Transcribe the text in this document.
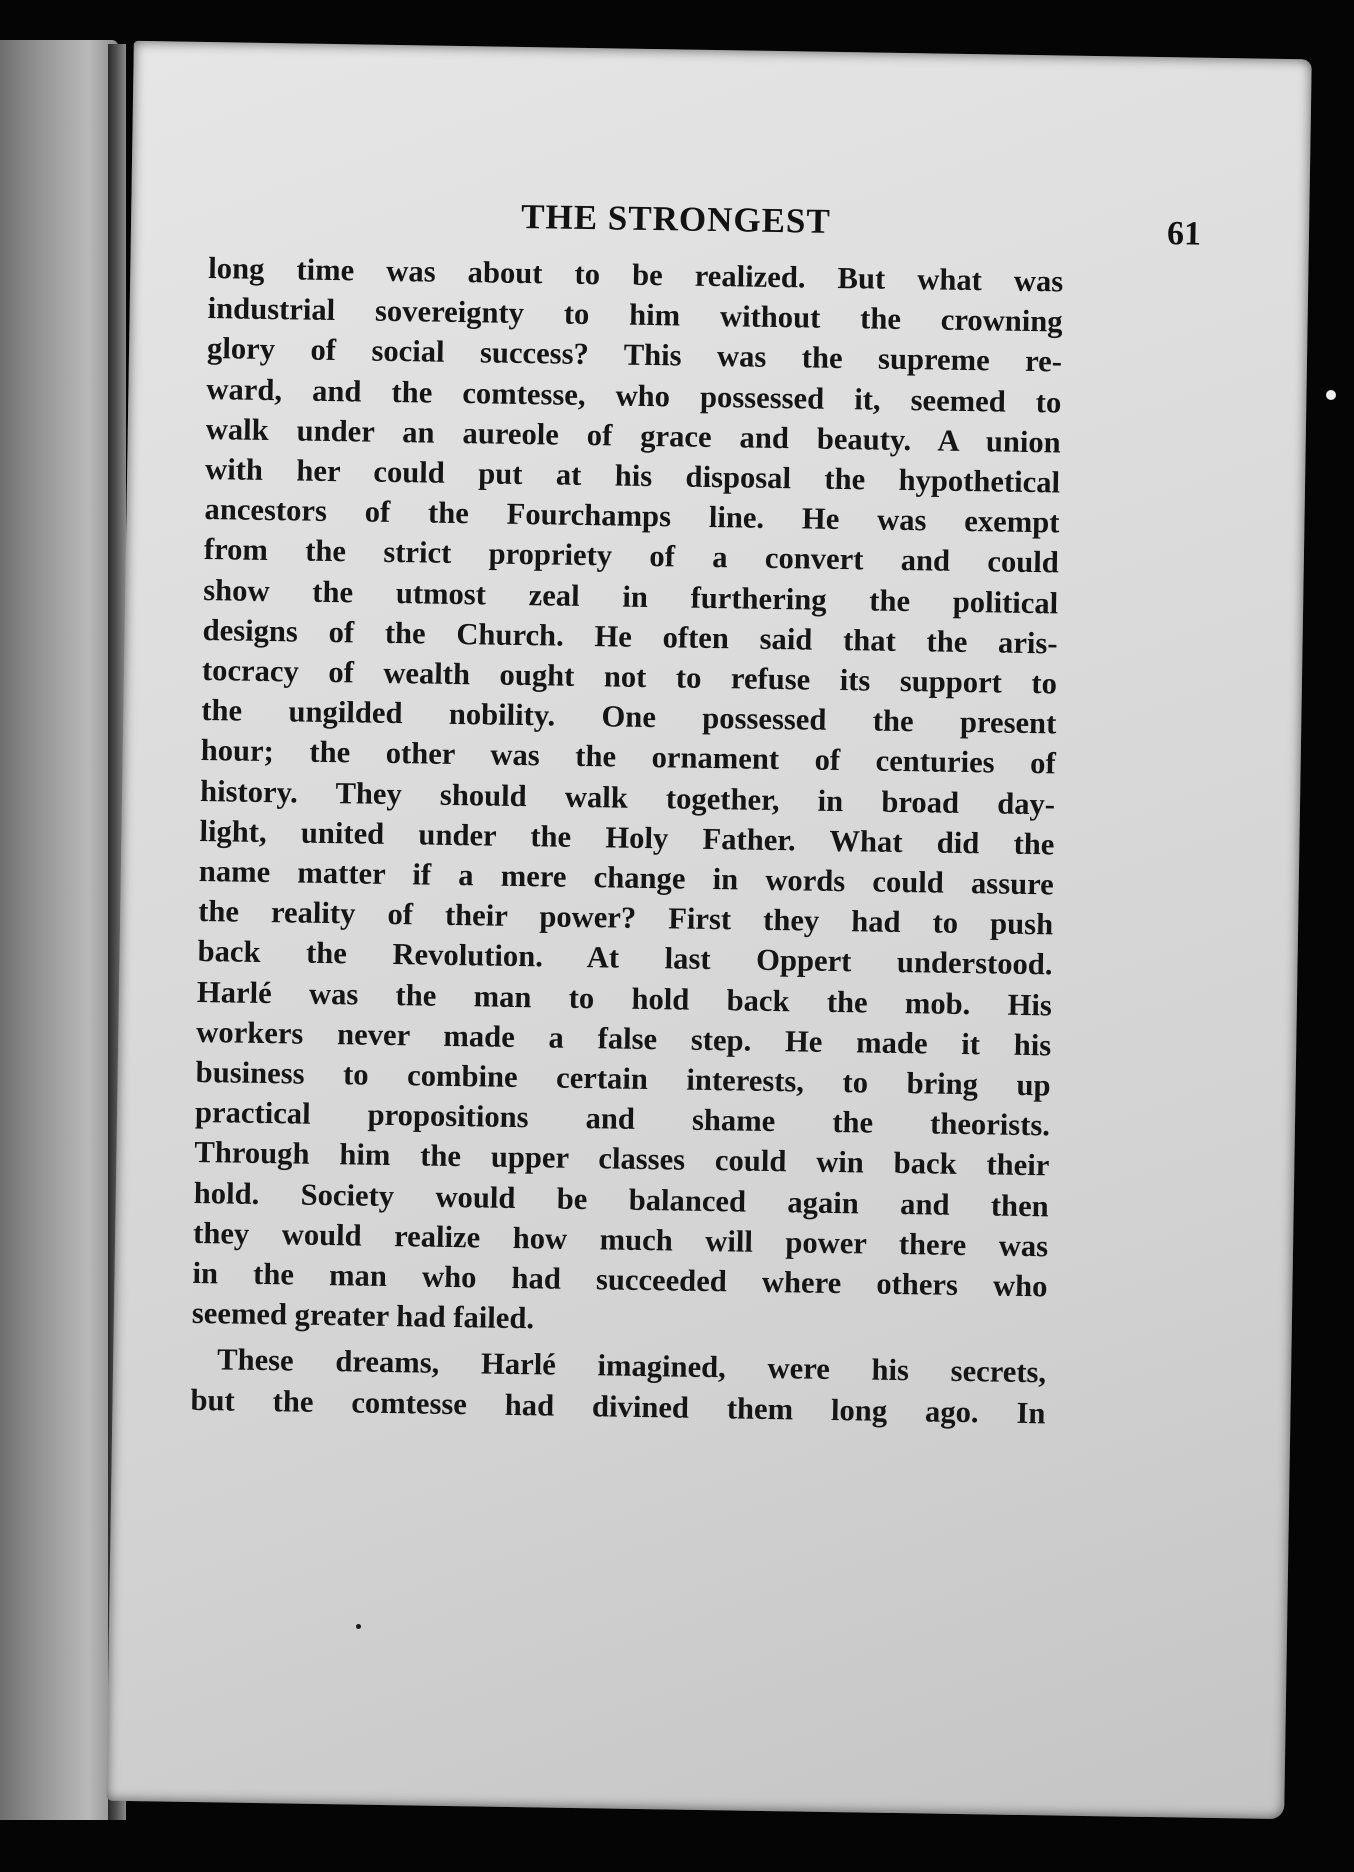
THE STRONGEST	61
long time was about to be realized. But what was
industrial sovereignty to him without the crowning
glory of social success? This was the supreme re-
ward, and the comtesse, who possessed it, seemed to
walk under an aureole of grace and beauty. A union
with her could put at his disposal the hypothetical
ancestors of the Fourchamps line. He was exempt
from the strict propriety of a convert and could
show the utmost zeal in furthering the political
designs of the Church. He often said that the aris-
tocracy of wealth ought not to refuse its support to
the ungilded nobility. One possessed the present
hour; the other was the ornament of centuries of
history. They should walk together, in broad day-
light, united under the Holy Father. What did the
name matter if a mere change in words could assure
the reality of their power? First they had to push
back the Revolution. At last Oppert understood.
Harlé was the man to hold back the mob. His
workers never made a false step. He made it his
business to combine certain interests, to bring up
practical propositions and shame the theorists.
Through him the upper classes could win back their
hold. Society would be balanced again and then
they would realize how much will power there was
in the man who had succeeded where others who
seemed greater had failed.
These dreams, Harlé imagined, were his secrets,
but the comtesse had divined them long ago. In
